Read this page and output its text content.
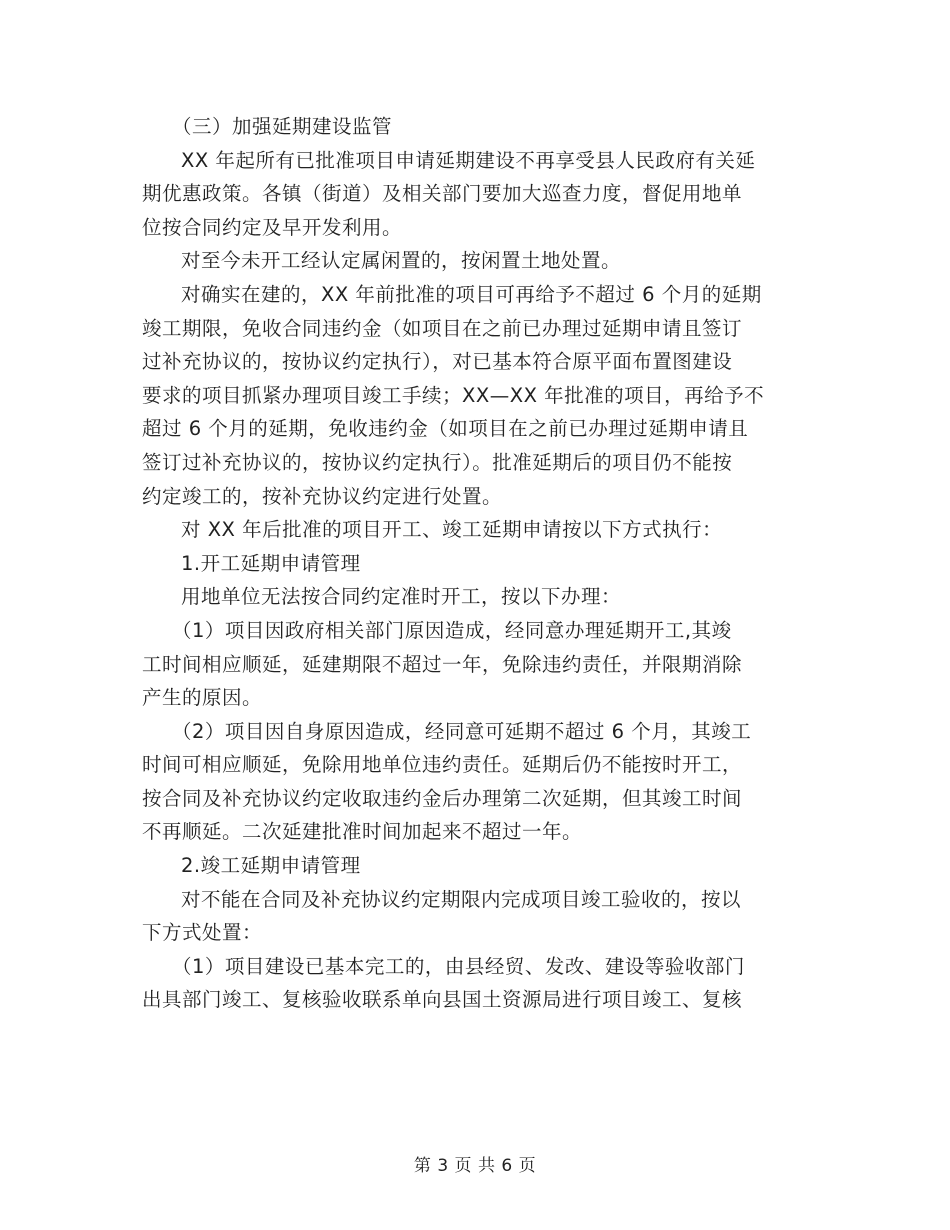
（三）加强延期建设监管
XX 年起所有已批准项目申请延期建设不再享受县人民政府有关延
期优惠政策。各镇（街道）及相关部门要加大巡查力度，督促用地单
位按合同约定及早开发利用。
对至今未开工经认定属闲置的，按闲置土地处置。
对确实在建的，XX 年前批准的项目可再给予不超过 6 个月的延期
竣工期限，免收合同违约金（如项目在之前已办理过延期申请且签订
过补充协议的，按协议约定执行），对已基本符合原平面布置图建设
要求的项目抓紧办理项目竣工手续；XX—XX 年批准的项目，再给予不
超过 6 个月的延期，免收违约金（如项目在之前已办理过延期申请且
签订过补充协议的，按协议约定执行）。批准延期后的项目仍不能按
约定竣工的，按补充协议约定进行处置。
对 XX 年后批准的项目开工、竣工延期申请按以下方式执行：
1.开工延期申请管理
用地单位无法按合同约定准时开工，按以下办理：
（1）项目因政府相关部门原因造成，经同意办理延期开工,其竣
工时间相应顺延，延建期限不超过一年，免除违约责任，并限期消除
产生的原因。
（2）项目因自身原因造成，经同意可延期不超过 6 个月，其竣工
时间可相应顺延，免除用地单位违约责任。延期后仍不能按时开工，
按合同及补充协议约定收取违约金后办理第二次延期，但其竣工时间
不再顺延。二次延建批准时间加起来不超过一年。
2.竣工延期申请管理
对不能在合同及补充协议约定期限内完成项目竣工验收的，按以
下方式处置：
（1）项目建设已基本完工的，由县经贸、发改、建设等验收部门
出具部门竣工、复核验收联系单向县国土资源局进行项目竣工、复核
第 3 页 共 6 页
